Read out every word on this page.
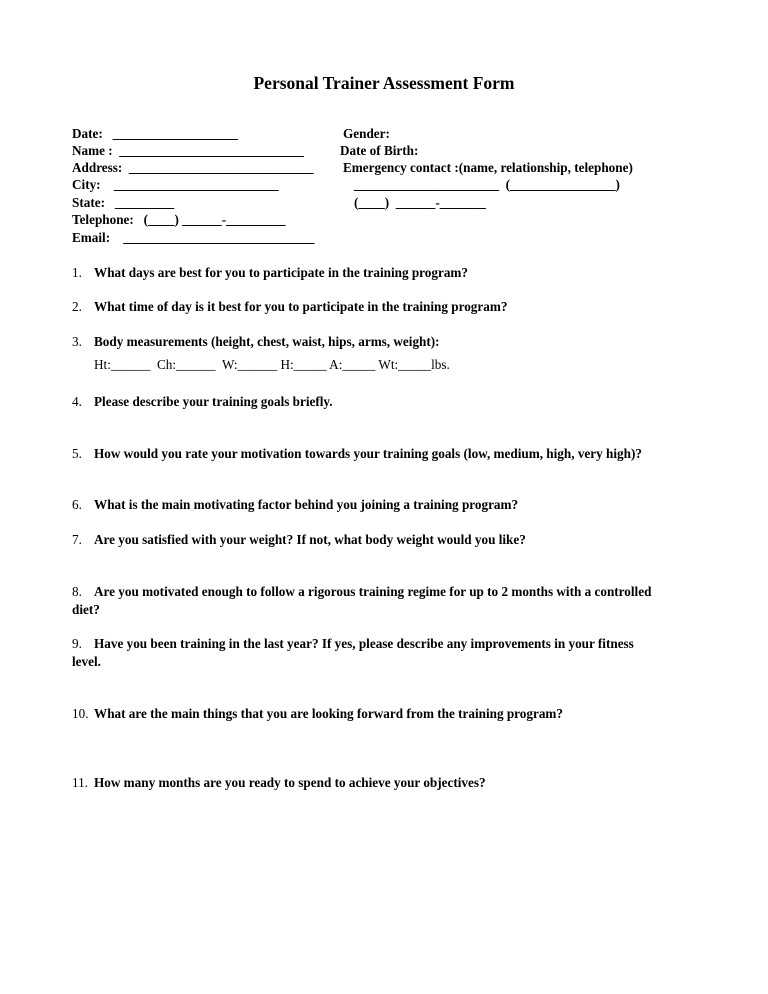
Personal Trainer Assessment Form
Date:   ___________________
Name :  ____________________________
Address:  ____________________________
City:    _________________________
State:   _________
Telephone:   (____) ______-_________
Email:    _____________________________
Gender:
Date of Birth:
Emergency contact :(name, relationship, telephone)
______________________  (________________)
(____)  ______-_______
1. What days are best for you to participate in the training program?
2. What time of day is it best for you to participate in the training program?
3. Body measurements (height, chest, waist, hips, arms, weight):
Ht:______  Ch:______  W:______ H:_____ A:_____ Wt:_____lbs.
4. Please describe your training goals briefly.
5. How would you rate your motivation towards your training goals (low, medium, high, very high)?
6. What is the main motivating factor behind you joining a training program?
7. Are you satisfied with your weight? If not, what body weight would you like?
8. Are you motivated enough to follow a rigorous training regime for up to 2 months with a controlled diet?
9. Have you been training in the last year? If yes, please describe any improvements in your fitness level.
10. What are the main things that you are looking forward from the training program?
11. How many months are you ready to spend to achieve your objectives?
